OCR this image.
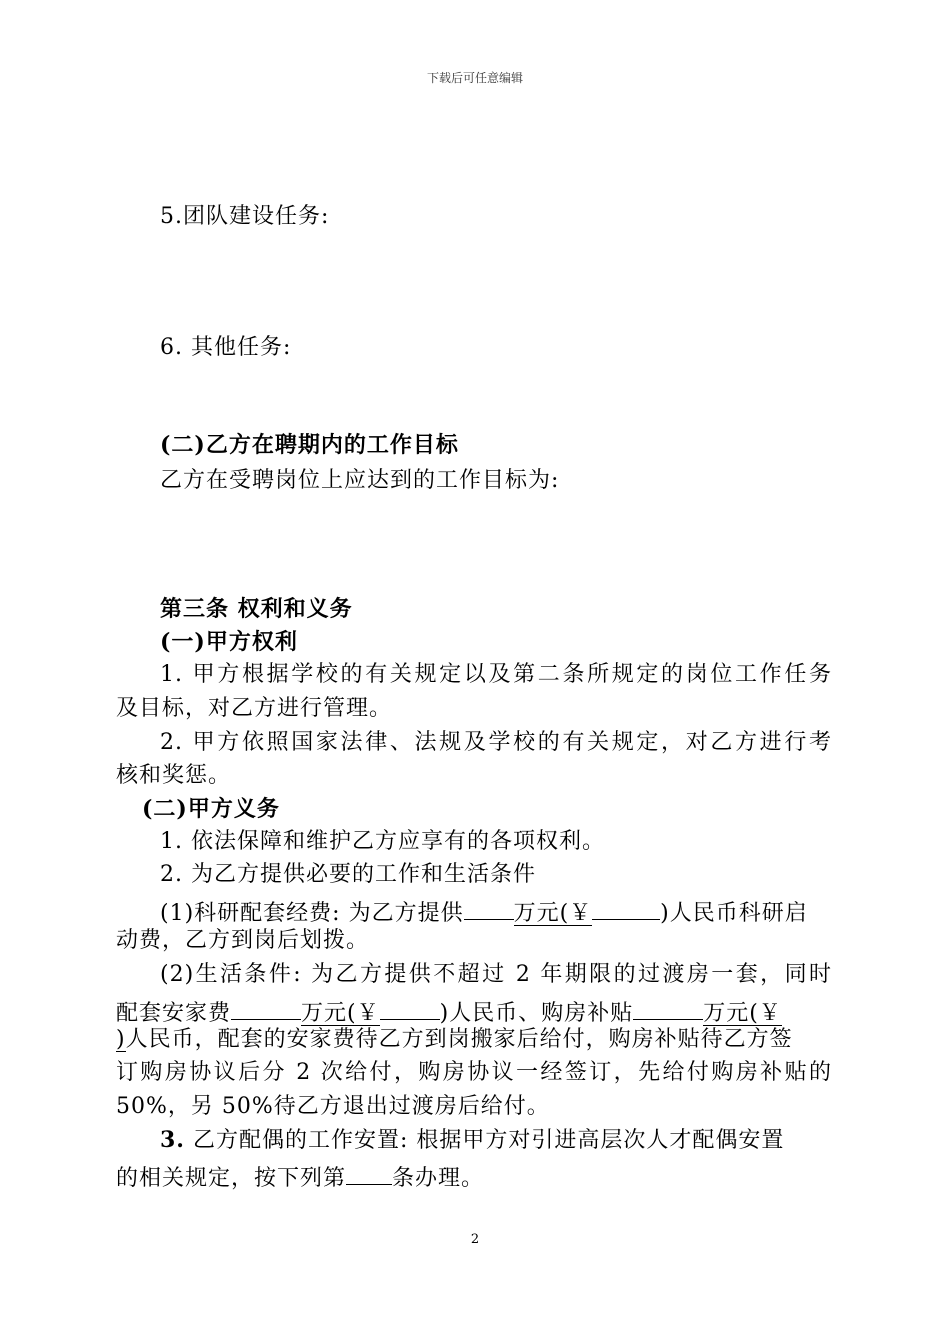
下载后可任意编辑
5.团队建设任务:
6. 其他任务:
(二)乙方在聘期内的工作目标
乙方在受聘岗位上应达到的工作目标为:
第三条 权利和义务
(一)甲方权利
1. 甲方根据学校的有关规定以及第二条所规定的岗位工作任务
及目标，对乙方进行管理。
2. 甲方依照国家法律、法规及学校的有关规定，对乙方进行考
核和奖惩。
(二)甲方义务
1. 依法保障和维护乙方应享有的各项权利。
2. 为乙方提供必要的工作和生活条件
(1)科研配套经费: 为乙方提供 万元(￥	)人民币科研启
动费，乙方到岗后划拨。
(2)生活条件: 为乙方提供不超过 2 年期限的过渡房一套，同时
配套安家费	万元(￥	)人民币、购房补贴	万元(￥
)人民币，配套的安家费待乙方到岗搬家后给付，购房补贴待乙方签
订购房协议后分 2 次给付，购房协议一经签订，先给付购房补贴的
50%，另 50%待乙方退出过渡房后给付。
3. 乙方配偶的工作安置: 根据甲方对引进高层次人才配偶安置
的相关规定，按下列第 条办理。
2
